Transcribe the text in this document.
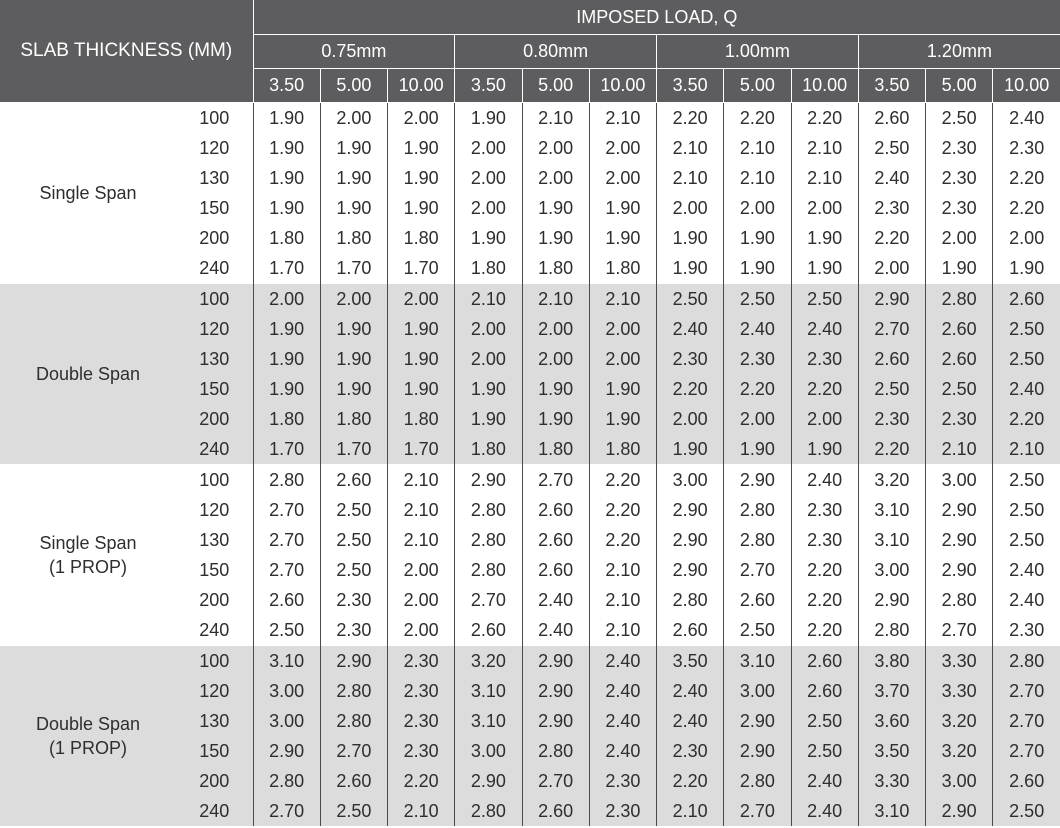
SLAB THICKNESS (MM)		IMPOSED LOAD, Q											
		0.75mm			0.80mm			1.00mm			1.20mm		
		3.50	5.00	10.00	3.50	5.00	10.00	3.50	5.00	10.00	3.50	5.00	10.00

Single Span	100	1.90	2.00	2.00	1.90	2.10	2.10	2.20	2.20	2.20	2.60	2.50	2.40
	120	1.90	1.90	1.90	2.00	2.00	2.00	2.10	2.10	2.10	2.50	2.30	2.30
	130	1.90	1.90	1.90	2.00	2.00	2.00	2.10	2.10	2.10	2.40	2.30	2.20
	150	1.90	1.90	1.90	2.00	1.90	1.90	2.00	2.00	2.00	2.30	2.30	2.20
	200	1.80	1.80	1.80	1.90	1.90	1.90	1.90	1.90	1.90	2.20	2.00	2.00
	240	1.70	1.70	1.70	1.80	1.80	1.80	1.90	1.90	1.90	2.00	1.90	1.90

Double Span	100	2.00	2.00	2.00	2.10	2.10	2.10	2.50	2.50	2.50	2.90	2.80	2.60
	120	1.90	1.90	1.90	2.00	2.00	2.00	2.40	2.40	2.40	2.70	2.60	2.50
	130	1.90	1.90	1.90	2.00	2.00	2.00	2.30	2.30	2.30	2.60	2.60	2.50
	150	1.90	1.90	1.90	1.90	1.90	1.90	2.20	2.20	2.20	2.50	2.50	2.40
	200	1.80	1.80	1.80	1.90	1.90	1.90	2.00	2.00	2.00	2.30	2.30	2.20
	240	1.70	1.70	1.70	1.80	1.80	1.80	1.90	1.90	1.90	2.20	2.10	2.10

Single Span
(1 PROP)	100	2.80	2.60	2.10	2.90	2.70	2.20	3.00	2.90	2.40	3.20	3.00	2.50
	120	2.70	2.50	2.10	2.80	2.60	2.20	2.90	2.80	2.30	3.10	2.90	2.50
	130	2.70	2.50	2.10	2.80	2.60	2.20	2.90	2.80	2.30	3.10	2.90	2.50
	150	2.70	2.50	2.00	2.80	2.60	2.10	2.90	2.70	2.20	3.00	2.90	2.40
	200	2.60	2.30	2.00	2.70	2.40	2.10	2.80	2.60	2.20	2.90	2.80	2.40
	240	2.50	2.30	2.00	2.60	2.40	2.10	2.60	2.50	2.20	2.80	2.70	2.30

Double Span
(1 PROP)	100	3.10	2.90	2.30	3.20	2.90	2.40	3.50	3.10	2.60	3.80	3.30	2.80
	120	3.00	2.80	2.30	3.10	2.90	2.40	2.40	3.00	2.60	3.70	3.30	2.70
	130	3.00	2.80	2.30	3.10	2.90	2.40	2.40	2.90	2.50	3.60	3.20	2.70
	150	2.90	2.70	2.30	3.00	2.80	2.40	2.30	2.90	2.50	3.50	3.20	2.70
	200	2.80	2.60	2.20	2.90	2.70	2.30	2.20	2.80	2.40	3.30	3.00	2.60
	240	2.70	2.50	2.10	2.80	2.60	2.30	2.10	2.70	2.40	3.10	2.90	2.50
